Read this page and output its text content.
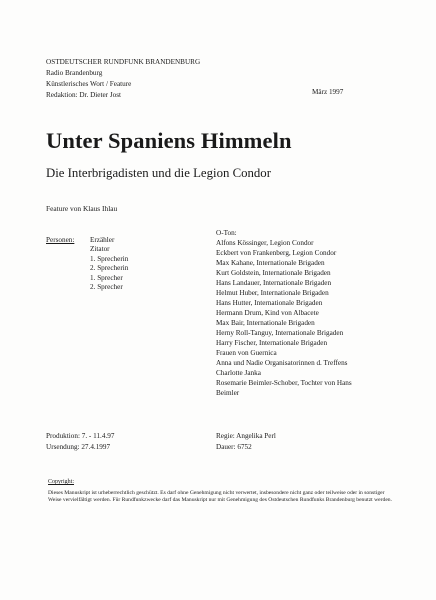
OSTDEUTSCHER RUNDFUNK BRANDENBURG
Radio Brandenburg
Künstlerisches Wort / Feature
Redaktion: Dr. Dieter Jost	März 1997
Unter Spaniens Himmeln
Die Interbrigadisten und die Legion Condor
Feature von Klaus Ihlau
Personen: Erzähler
Zitator
1. Sprecherin
2. Sprecherin
1. Sprecher
2. Sprecher
O-Ton:
Alfons Kössinger, Legion Condor
Eckbert von Frankenberg, Legion Condor
Max Kahane, Internationale Brigaden
Kurt Goldstein, Internationale Brigaden
Hans Landauer, Internationale Brigaden
Helmut Huber, Internationale Brigaden
Hans Hutter, Internationale Brigaden
Hermann Drum, Kind von Albacete
Max Bair, Internationale Brigaden
Herny Roll-Tanguy, Internationale Brigaden
Harry Fischer, Internationale Brigaden
Frauen von Guernica
Anna und Nadie Organisatorinnen d. Treffens
Charlotte Janka
Rosemarie Beimler-Schober, Tochter von Hans
Beimler
Produktion: 7. - 11.4.97
Ursendung: 27.4.1997
Regie: Angelika Perl
Dauer: 6752
Copyright:
Dieses Manuskript ist urheberrechtlich geschützt. Es darf ohne Genehmigung nicht verwertet, insbesondere nicht ganz oder teilweise oder in sonstiger Weise vervielfältigt werden. Für Rundfunkzwecke darf das Manuskript nur mit Genehmigung des Ostdeutschen Rundfunks Brandenburg benutzt werden.
